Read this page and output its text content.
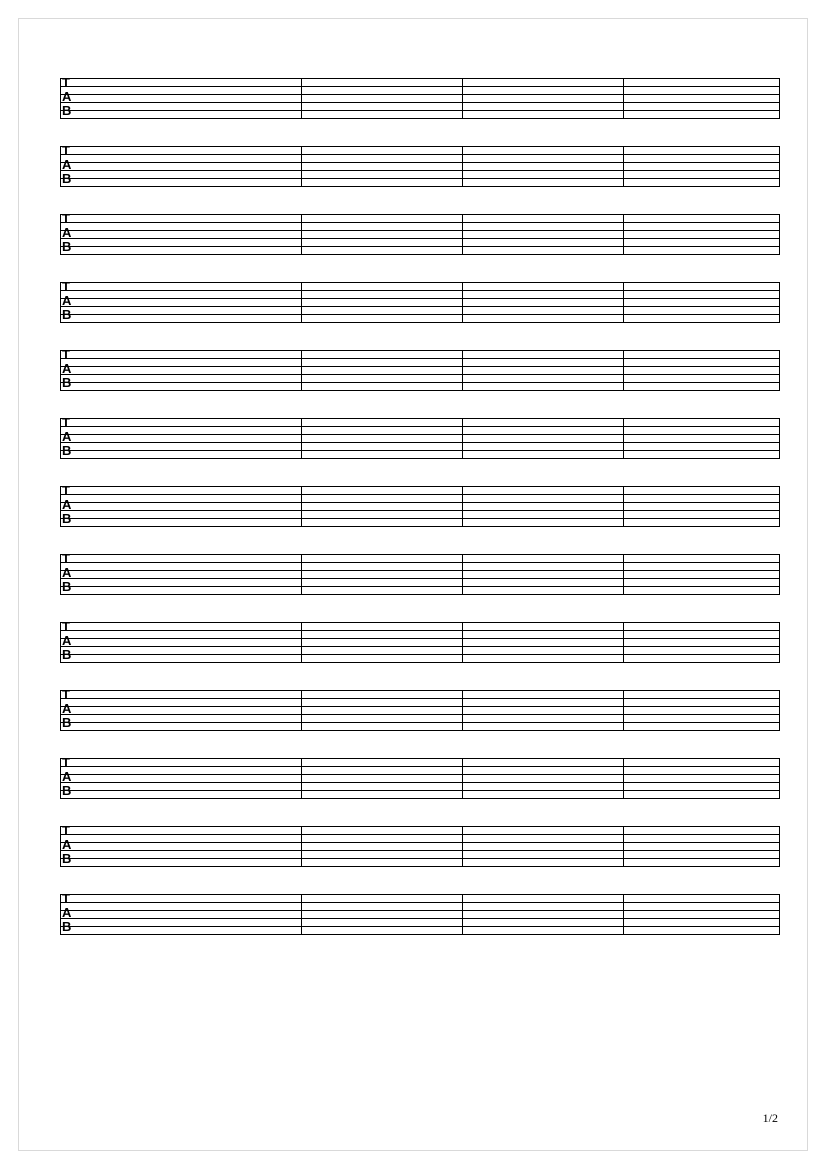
T
A
B
T
A
B
T
A
B
T
A
B
T
A
B
T
A
B
T
A
B
T
A
B
T
A
B
T
A
B
T
A
B
T
A
B
T
A
B
1/2
